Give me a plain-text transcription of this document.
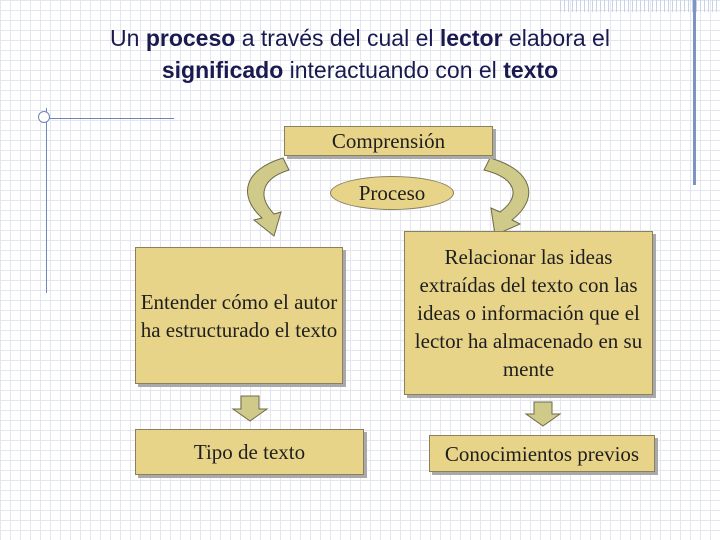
Un proceso a través del cual el lector elabora el
significado interactuando con el texto
Comprensión
Proceso
Entender cómo el autor ha estructurado el texto
Relacionar las ideas extraídas del texto con las ideas o información que el lector ha almacenado en su mente
Tipo de texto	Conocimientos previos
